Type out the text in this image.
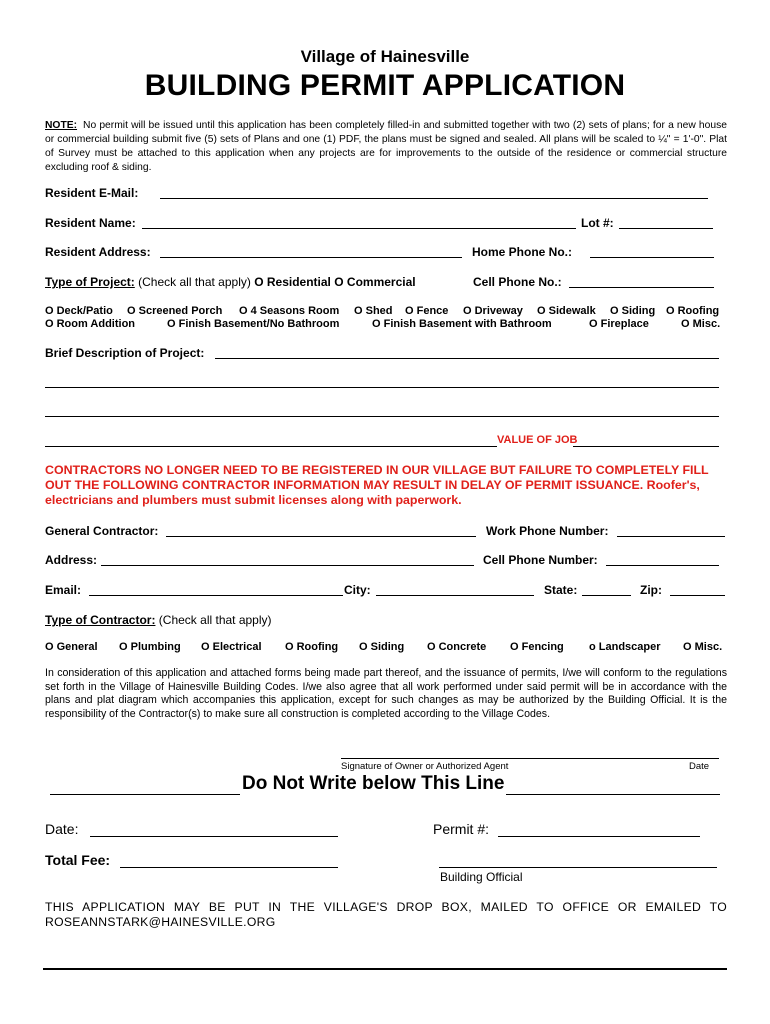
Village of Hainesville
BUILDING PERMIT APPLICATION
NOTE: No permit will be issued until this application has been completely filled-in and submitted together with two (2) sets of plans; for a new house or commercial building submit five (5) sets of Plans and one (1) PDF, the plans must be signed and sealed. All plans will be scaled to ¼" = 1'-0". Plat of Survey must be attached to this application when any projects are for improvements to the outside of the residence or commercial structure excluding roof & siding.
Resident E-Mail:
Resident Name:	Lot #:
Resident Address:	Home Phone No.:
Type of Project: (Check all that apply) O Residential O Commercial	Cell Phone No.:
O Deck/Patio O Screened Porch O 4 Seasons Room O Shed O Fence O Driveway O Sidewalk O Siding O Roofing
O Room Addition	O Finish Basement/No Bathroom	O Finish Basement with Bathroom	O Fireplace	O Misc.
Brief Description of Project:
VALUE OF JOB
CONTRACTORS NO LONGER NEED TO BE REGISTERED IN OUR VILLAGE BUT FAILURE TO COMPLETELY FILL OUT THE FOLLOWING CONTRACTOR INFORMATION MAY RESULT IN DELAY OF PERMIT ISSUANCE. Roofer's, electricians and plumbers must submit licenses along with paperwork.
General Contractor:	Work Phone Number:
Address:	Cell Phone Number:
Email:	City:	State:	Zip:
Type of Contractor: (Check all that apply)
O General O Plumbing O Electrical O Roofing O Siding O Concrete O Fencing o Landscaper O Misc.
In consideration of this application and attached forms being made part thereof, and the issuance of permits, I/we will conform to the regulations set forth in the Village of Hainesville Building Codes. I/we also agree that all work performed under said permit will be in accordance with the plans and plat diagram which accompanies this application, except for such changes as may be authorized by the Building Official. It is the responsibility of the Contractor(s) to make sure all construction is completed according to the Village Codes.
Signature of Owner or Authorized Agent	Date
Do Not Write below This Line
Date:	Permit #:
Total Fee:
Building Official
THIS APPLICATION MAY BE PUT IN THE VILLAGE'S DROP BOX, MAILED TO OFFICE OR EMAILED TO ROSEANNSTARK@HAINESVILLE.ORG
